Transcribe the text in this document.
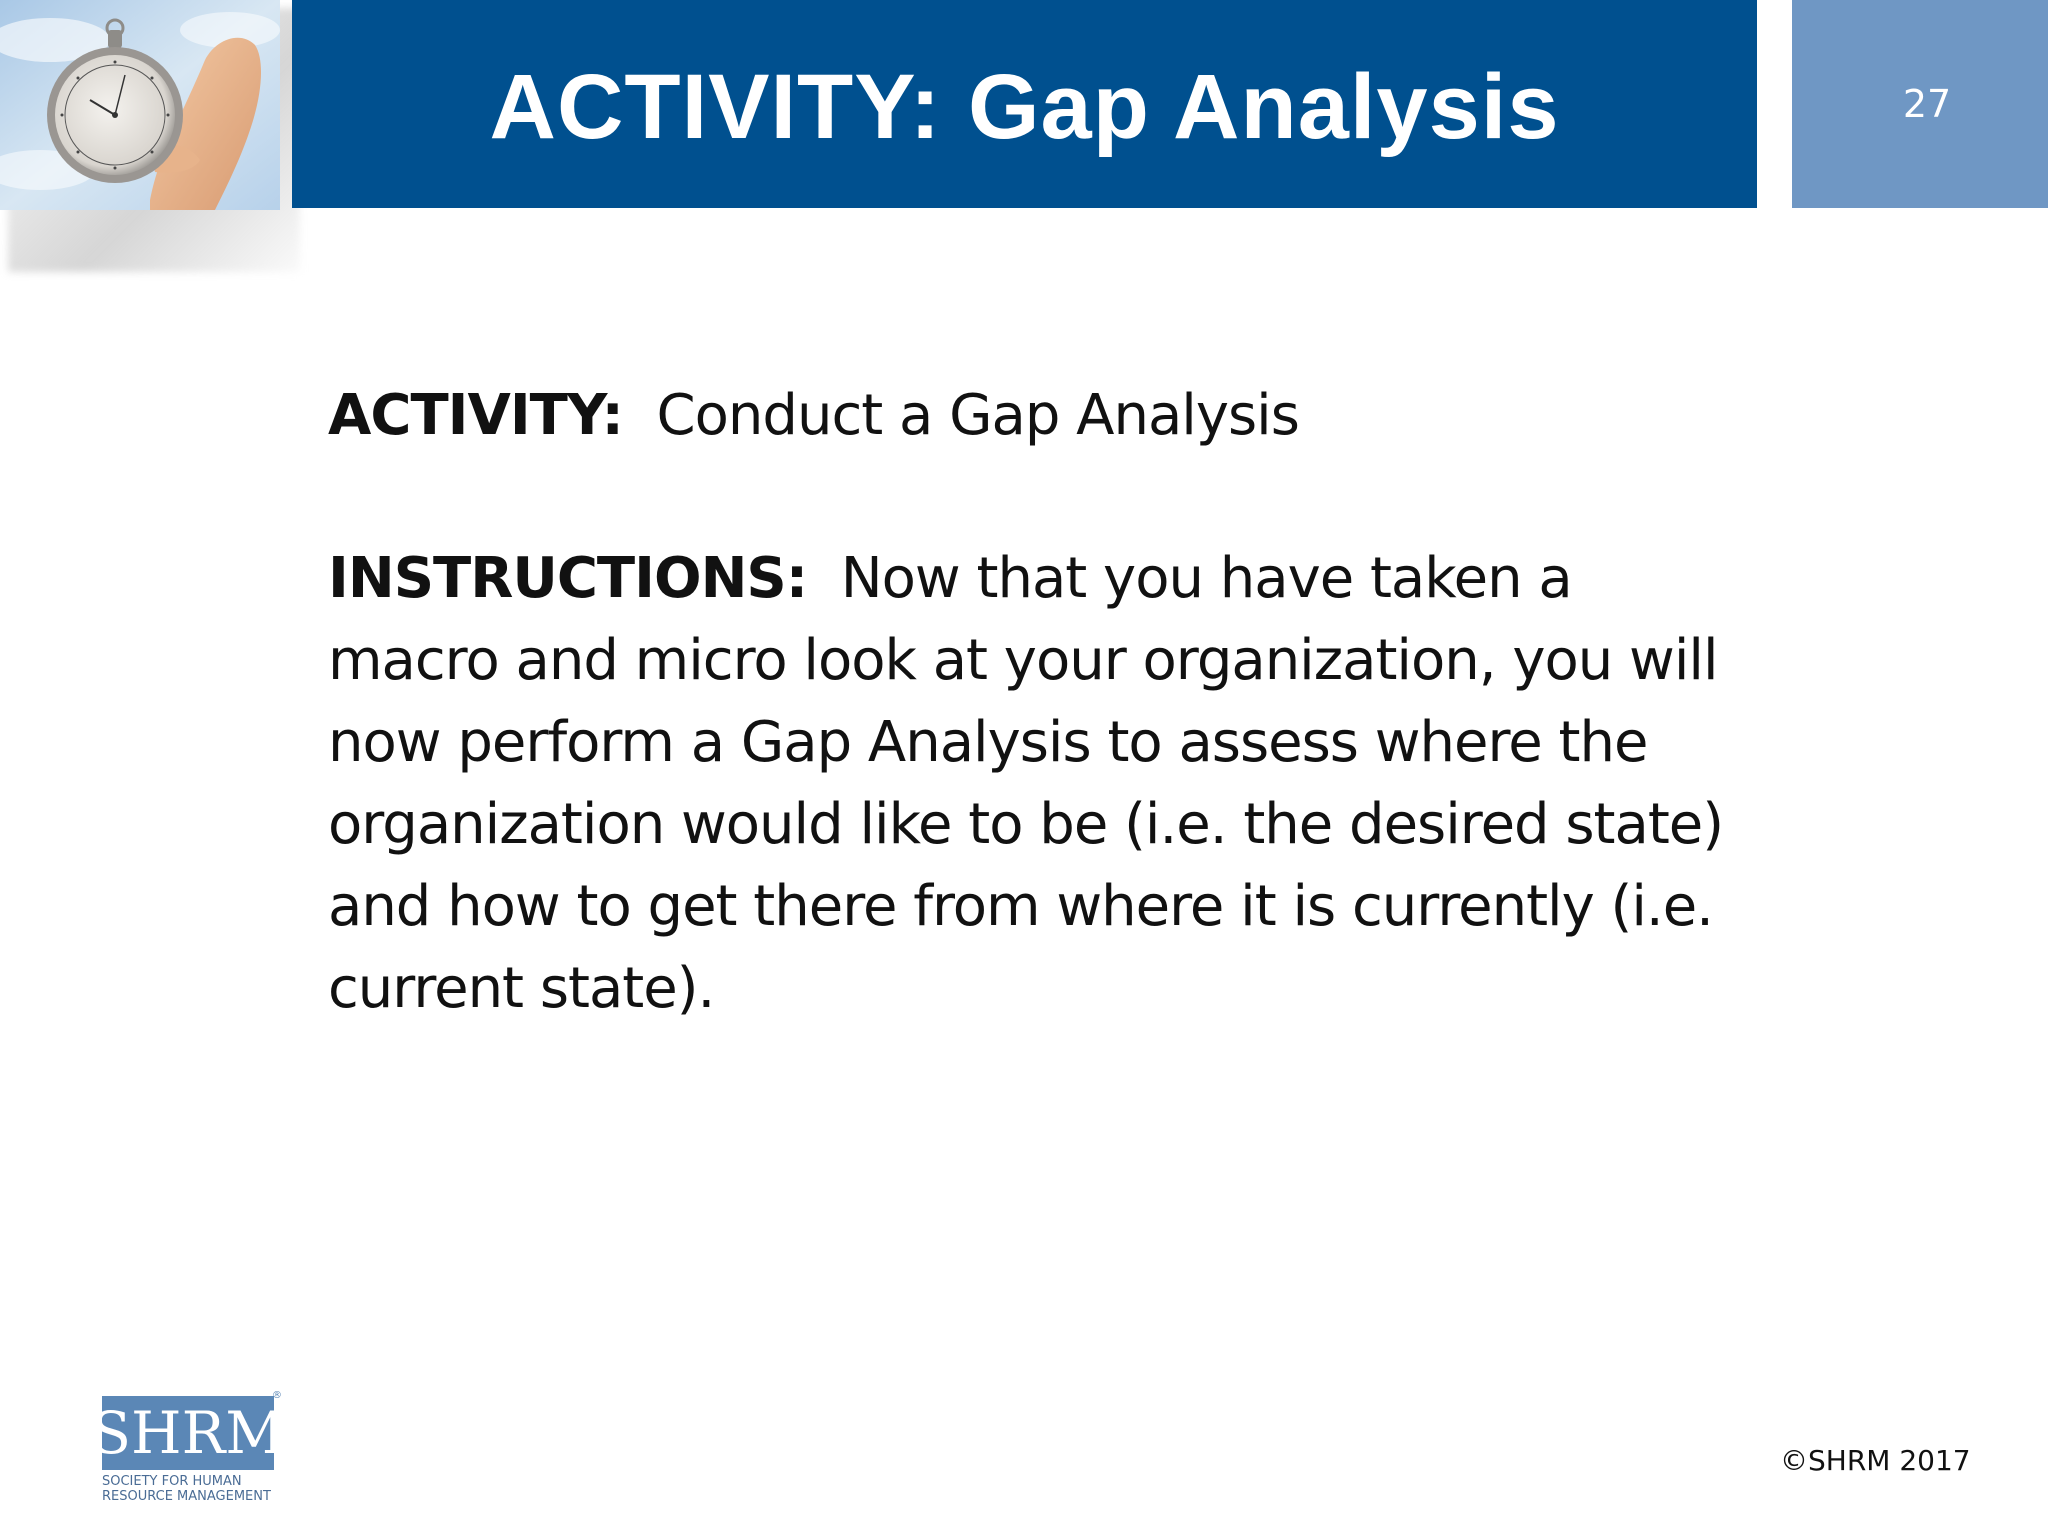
ACTIVITY: Gap Analysis	27

ACTIVITY: Conduct a Gap Analysis

INSTRUCTIONS: Now that you have taken a macro and micro look at your organization, you will now perform a Gap Analysis to assess where the organization would like to be (i.e. the desired state) and how to get there from where it is currently (i.e. current state).

SHRM
®
SOCIETY FOR HUMAN
RESOURCE MANAGEMENT
©SHRM 2017
